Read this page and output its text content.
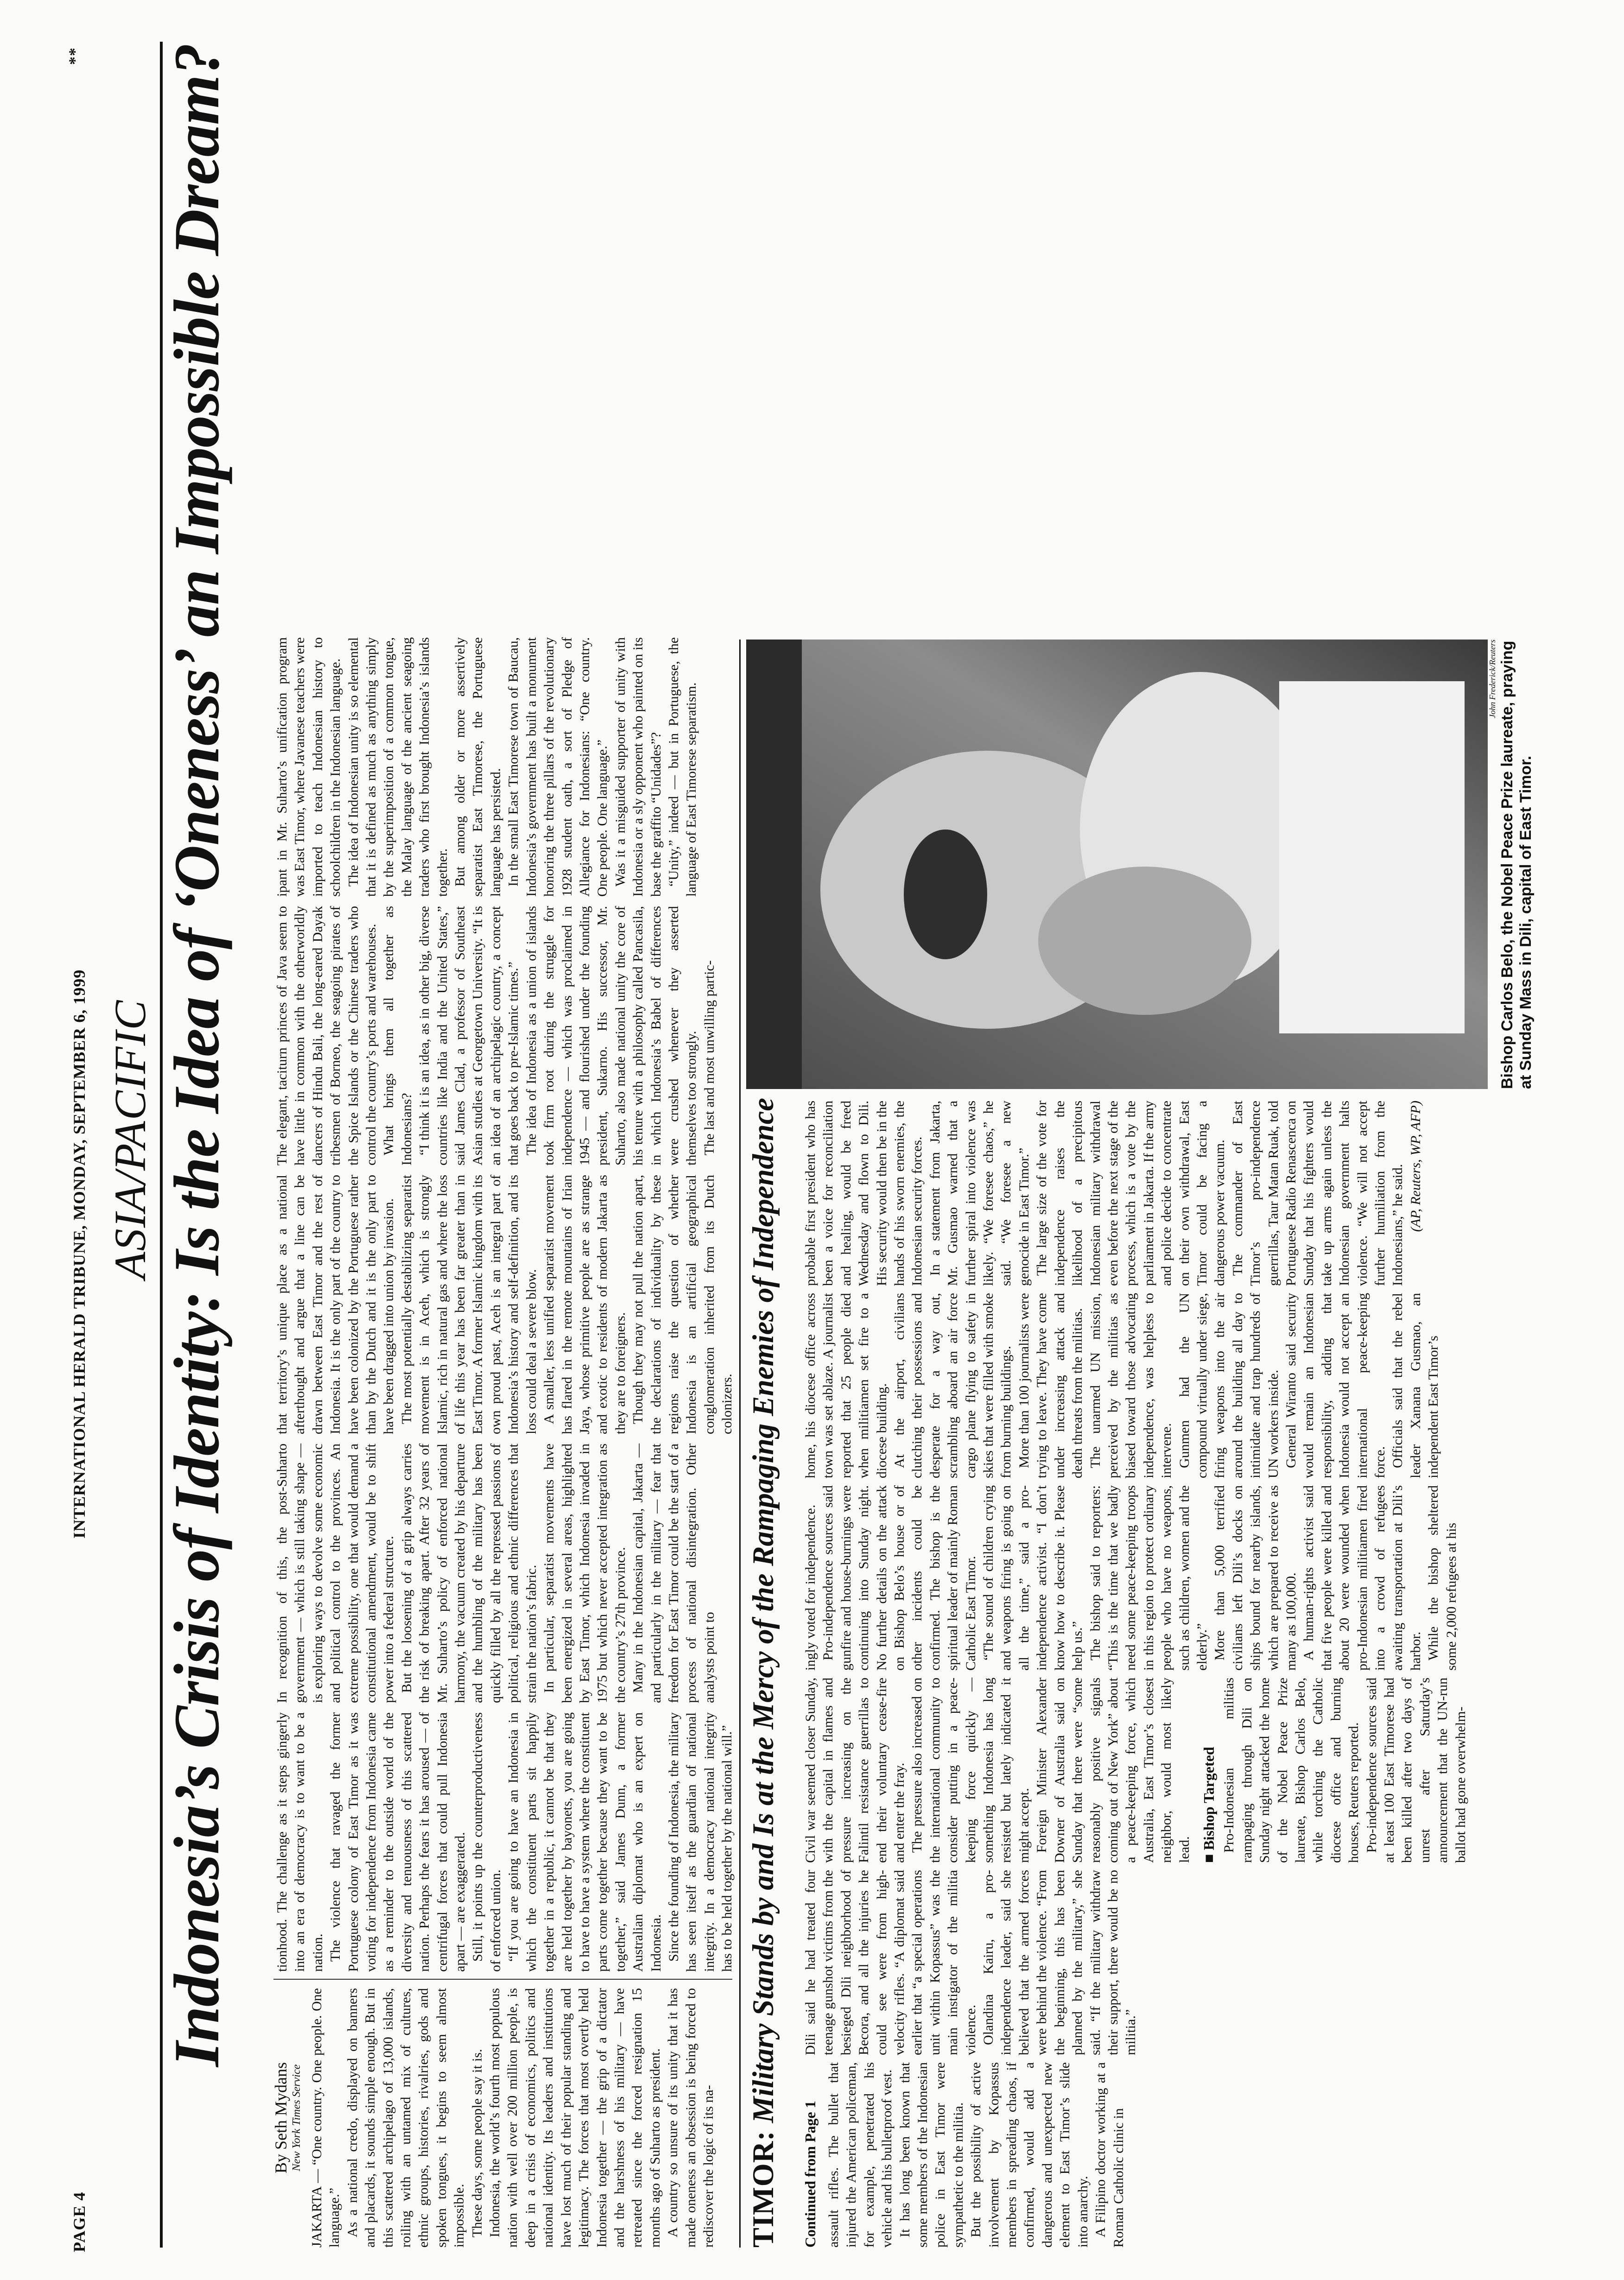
PAGE 4
INTERNATIONAL HERALD TRIBUNE, MONDAY, SEPTEMBER 6, 1999
**
ASIA/PACIFIC Indonesia’s Crisis of Identity: Is the Idea of ‘Oneness’ an Impossible Dream?
By Seth Mydans New York Times Service JAKARTA — “One country. One people. One language.” As a national credo, displayed on banners and placards, it sounds simple enough. But in this scattered archipelago of 13,000 islands, roiling with an untamed mix of cultures, ethnic groups, histories, rivalries, gods and spoken tongues, it begins to seem almost impossible. These days, some people say it is. Indonesia, the world’s fourth most populous nation with well over 200 million people, is deep in a crisis of economics, politics and national identity. Its leaders and institutions have lost much of their popular standing and legitimacy. The forces that most overtly held Indonesia together — the grip of a dictator and the harshness of his military — have retreated since the forced resignation 15 months ago of Suharto as president. A country so unsure of its unity that it has made oneness an obsession is being forced to rediscover the logic of its na-

tionhood. The challenge as it steps gingerly into an era of democracy is to want to be a nation. The violence that ravaged the former Portuguese colony of East Timor as it was voting for independence from Indonesia came as a reminder to the outside world of the diversity and tenuousness of this scattered nation. Perhaps the fears it has aroused — of centrifugal forces that could pull Indonesia apart — are exaggerated. Still, it points up the counterproductiveness of enforced union. “If you are going to have an Indonesia in which the constituent parts sit happily together in a republic, it cannot be that they are held together by bayonets, you are going to have to have a system where the constituent parts come together because they want to be together,” said James Dunn, a former Australian diplomat who is an expert on Indonesia. Since the founding of Indonesia, the military has seen itself as the guardian of national integrity. In a democracy national integrity has to be held together by the national will.”

In recognition of this, the post-Suharto government — which is still taking shape — is exploring ways to devolve some economic and political control to the provinces. An extreme possibility, one that would demand a constitutional amendment, would be to shift power into a federal structure. But the loosening of a grip always carries the risk of breaking apart. After 32 years of Mr. Suharto’s policy of enforced national harmony, the vacuum created by his departure and the humbling of the military has been quickly filled by all the repressed passions of political, religious and ethnic differences that strain the nation’s fabric. In particular, separatist movements have been energized in several areas, highlighted by East Timor, which Indonesia invaded in 1975 but which never accepted integration as the country’s 27th province. Many in the Indonesian capital, Jakarta — and particularly in the military — fear that freedom for East Timor could be the start of a process of national disintegration. Other analysts point to

that territory’s unique place as a national afterthought and argue that a line can be drawn between East Timor and the rest of Indonesia. It is the only part of the country to have been colonized by the Portuguese rather than by the Dutch and it is the only part to have been dragged into union by invasion. The most potentially destabilizing separatist movement is in Aceh, which is strongly Islamic, rich in natural gas and where the loss of life this year has been far greater than in East Timor. A former Islamic kingdom with its own proud past, Aceh is an integral part of Indonesia’s history and self-definition, and its loss could deal a severe blow. A smaller, less unified separatist movement has flared in the remote mountains of Irian Jaya, whose primitive people are as strange and exotic to residents of modern Jakarta as they are to foreigners. Though they may not pull the nation apart, the declarations of individuality by these regions raise the question of whether Indonesia is an artificial geographical conglomeration inherited from its Dutch colonizers.

The elegant, taciturn princes of Java seem to have little in common with the otherworldly dancers of Hindu Bali, the long-eared Dayak tribesmen of Borneo, the seagoing pirates of the Spice Islands or the Chinese traders who control the country’s ports and warehouses. What brings them all together as Indonesians? “I think it is an idea, as in other big, diverse countries like India and the United States,” said James Clad, a professor of Southeast Asian studies at Georgetown University. “It is an idea of an archipelagic country, a concept that goes back to pre-Islamic times.” The idea of Indonesia as a union of islands took firm root during the struggle for independence — which was proclaimed in 1945 — and flourished under the founding president, Sukarno. His successor, Mr. Suharto, also made national unity the core of his tenure with a philosophy called Pancasila, in which Indonesia’s Babel of differences were crushed whenever they asserted themselves too strongly. The last and most unwilling partic-

ipant in Mr. Suharto’s unification program was East Timor, where Javanese teachers were imported to teach Indonesian history to schoolchildren in the Indonesian language. The idea of Indonesian unity is so elemental that it is defined as much as anything simply by the superimposition of a common tongue, the Malay language of the ancient seagoing traders who first brought Indonesia’s islands together. But among older or more assertively separatist East Timorese, the Portuguese language has persisted. In the small East Timorese town of Baucau, Indonesia’s government has built a monument honoring the three pillars of the revolutionary 1928 student oath, a sort of Pledge of Allegiance for Indonesians: “One country. One people. One language.” Was it a misguided supporter of unity with Indonesia or a sly opponent who painted on its base the graffito “Unidades”? “Unity,” indeed — but in Portuguese, the language of East Timorese separatism.

TIMOR: Military Stands by and Is at the Mercy of the Rampaging Enemies of Independence
Continued from Page 1 assault rifles. The bullet that injured the American policeman, for example, penetrated his vehicle and his bulletproof vest. It has long been known that some members of the Indonesian police in East Timor were sympathetic to the militia. But the possibility of active involvement by Kopassus members in spreading chaos, if confirmed, would add a dangerous and unexpected new element to East Timor’s slide into anarchy. A Filipino doctor working at a Roman Catholic clinic in

Dili said he had treated four teenage gunshot victims from the besieged Dili neighborhood of Becora, and all the injuries he could see were from high-velocity rifles. “A diplomat said earlier that “a special operations unit within Kopassus” was the main instigator of the militia violence. Olandina Kairu, a pro-independence leader, said she believed that the armed forces were behind the violence. “From the beginning, this has been planned by the military,” she said. “If the military withdraw their support, there would be no militia.”

Civil war seemed closer Sunday, with the capital in flames and pressure increasing on the Falintil resistance guerrillas to end their voluntary cease-fire and enter the fray. The pressure also increased on the international community to consider putting in a peace-keeping force quickly — something Indonesia has long resisted but lately indicated it might accept. Foreign Minister Alexander Downer of Australia said on Sunday that there were “some reasonably positive signals coming out of New York” about a peace-keeping force, which Australia, East Timor’s closest neighbor, would most likely lead. ■ Bishop Targeted Pro-Indonesian militias rampaging through Dili on Sunday night attacked the home of the Nobel Peace Prize laureate, Bishop Carlos Belo, while torching the Catholic diocese office and burning houses, Reuters reported. Pro-independence sources said at least 100 East Timorese had been killed after two days of unrest after Saturday’s announcement that the UN-run ballot had gone overwhelm-

ingly voted for independence. Pro-independence sources said gunfire and house-burnings were continuing into Sunday night. No further details on the attack on Bishop Belo’s house or of other incidents could be confirmed. The bishop is the spiritual leader of mainly Roman Catholic East Timor. “The sound of children crying and weapons firing is going on all the time,” said a pro-independence activist. “I don’t know how to describe it. Please help us.” The bishop said to reporters: “This is the time that we badly need some peace-keeping troops in this region to protect ordinary people who have no weapons, such as children, women and the elderly.” More than 5,000 terrified civilians left Dili’s docks on ships bound for nearby islands, which are prepared to receive as many as 100,000. A human-rights activist said that five people were killed and about 20 were wounded when pro-Indonesian militiamen fired into a crowd of refugees awaiting transportation at Dili’s harbor. While the bishop sheltered some 2,000 refugees at his

home, his diocese office across town was set ablaze. A journalist reported that 25 people died when militiamen set fire to a diocese building. At the airport, civilians clutching their possessions and desperate for a way out, scrambling aboard an air force cargo plane flying to safety in skies that were filled with smoke from burning buildings. More than 100 journalists were trying to leave. They have come under increasing attack and death threats from the militias. The unarmed UN mission, perceived by the militias as biased toward those advocating independence, was helpless to intervene. Gunmen had the UN compound virtually under siege, firing weapons into the air around the building all day to intimidate and trap hundreds of UN workers inside. General Wiranto said security would remain an Indonesian responsibility, adding that Indonesia would not accept an international peace-keeping force. Officials said that the rebel leader Xanana Gusmao, an independent East Timor’s

probable first president who has been a voice for reconciliation and healing, would be freed Wednesday and flown to Dili. His security would then be in the hands of his sworn enemies, the Indonesian security forces. In a statement from Jakarta, Mr. Gusmao warned that a further spiral into violence was likely. “We foresee chaos,” he said. “We foresee a new genocide in East Timor.” The large size of the vote for independence raises the likelihood of a precipitous Indonesian military withdrawal even before the next stage of the process, which is a vote by the parliament in Jakarta. If the army and police decide to concentrate on their own withdrawal, East Timor could be facing a dangerous power vacuum. The commander of East Timor’s pro-independence guerrillas, Taur Matan Ruak, told Portuguese Radio Renascenca on Sunday that his fighters would take up arms again unless the Indonesian government halts violence. “We will not accept further humiliation from the Indonesians,” he said. (AP, Reuters, WP, AFP)
John Frederick/Reuters Bishop Carlos Belo, the Nobel Peace Prize laureate, praying at Sunday Mass in Dili, capital of East Timor.
